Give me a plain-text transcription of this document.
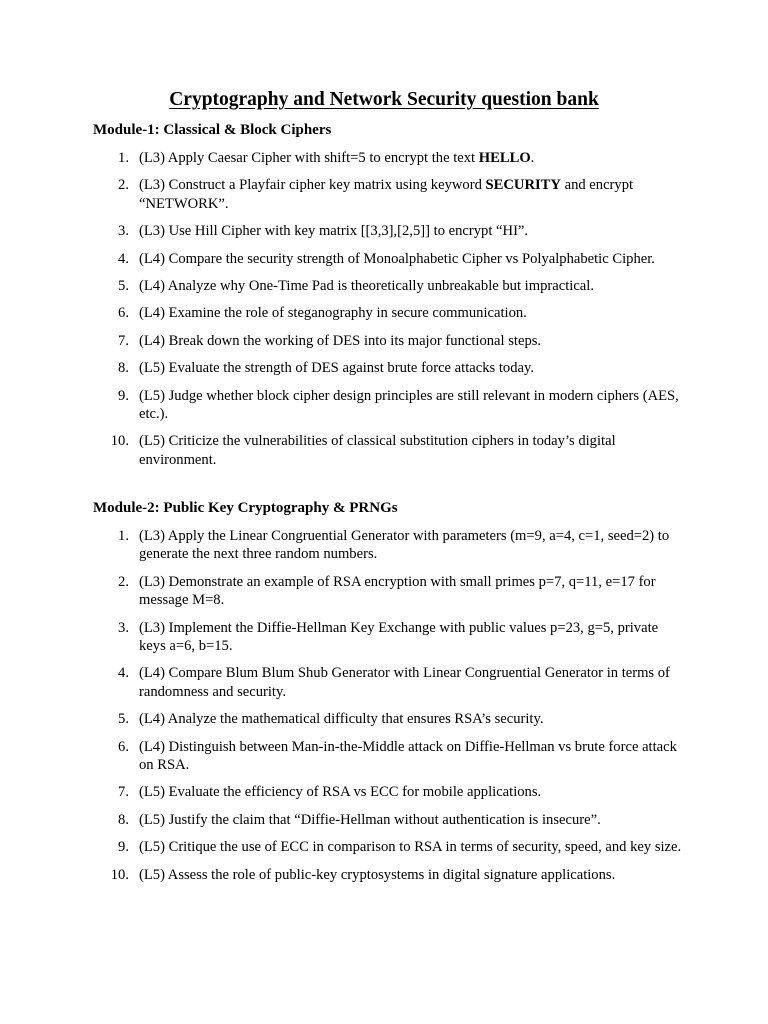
Cryptography and Network Security question bank
Module-1: Classical & Block Ciphers
1. (L3) Apply Caesar Cipher with shift=5 to encrypt the text HELLO.
2. (L3) Construct a Playfair cipher key matrix using keyword SECURITY and encrypt “NETWORK”.
3. (L3) Use Hill Cipher with key matrix [[3,3],[2,5]] to encrypt “HI”.
4. (L4) Compare the security strength of Monoalphabetic Cipher vs Polyalphabetic Cipher.
5. (L4) Analyze why One-Time Pad is theoretically unbreakable but impractical.
6. (L4) Examine the role of steganography in secure communication.
7. (L4) Break down the working of DES into its major functional steps.
8. (L5) Evaluate the strength of DES against brute force attacks today.
9. (L5) Judge whether block cipher design principles are still relevant in modern ciphers (AES, etc.).
10. (L5) Criticize the vulnerabilities of classical substitution ciphers in today’s digital environment.
Module-2: Public Key Cryptography & PRNGs
1. (L3) Apply the Linear Congruential Generator with parameters (m=9, a=4, c=1, seed=2) to generate the next three random numbers.
2. (L3) Demonstrate an example of RSA encryption with small primes p=7, q=11, e=17 for message M=8.
3. (L3) Implement the Diffie-Hellman Key Exchange with public values p=23, g=5, private keys a=6, b=15.
4. (L4) Compare Blum Blum Shub Generator with Linear Congruential Generator in terms of randomness and security.
5. (L4) Analyze the mathematical difficulty that ensures RSA’s security.
6. (L4) Distinguish between Man-in-the-Middle attack on Diffie-Hellman vs brute force attack on RSA.
7. (L5) Evaluate the efficiency of RSA vs ECC for mobile applications.
8. (L5) Justify the claim that “Diffie-Hellman without authentication is insecure”.
9. (L5) Critique the use of ECC in comparison to RSA in terms of security, speed, and key size.
10. (L5) Assess the role of public-key cryptosystems in digital signature applications.
